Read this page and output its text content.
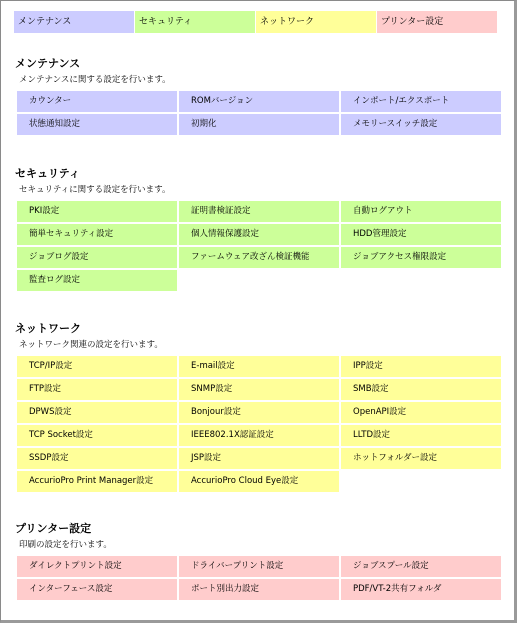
メンテナンス	セキュリティ	ネットワーク	プリンター設定
メンテナンス
メンテナンスに関する設定を行います。
カウンター	ROMバージョン	インポート/エクスポート
状態通知設定	初期化	メモリースイッチ設定
セキュリティ
セキュリティに関する設定を行います。
PKI設定	証明書検証設定	自動ログアウト
簡単セキュリティ設定	個人情報保護設定	HDD管理設定
ジョブログ設定	ファームウェア改ざん検証機能	ジョブアクセス権限設定
監査ログ設定
ネットワーク
ネットワーク関連の設定を行います。
TCP/IP設定	E-mail設定	IPP設定
FTP設定	SNMP設定	SMB設定
DPWS設定	Bonjour設定	OpenAPI設定
TCP Socket設定	IEEE802.1X認証設定	LLTD設定
SSDP設定	JSP設定	ホットフォルダー設定
AccurioPro Print Manager設定	AccurioPro Cloud Eye設定
プリンター設定
印刷の設定を行います。
ダイレクトプリント設定	ドライバープリント設定	ジョブスプール設定
インターフェース設定	ポート別出力設定	PDF/VT-2共有フォルダ
